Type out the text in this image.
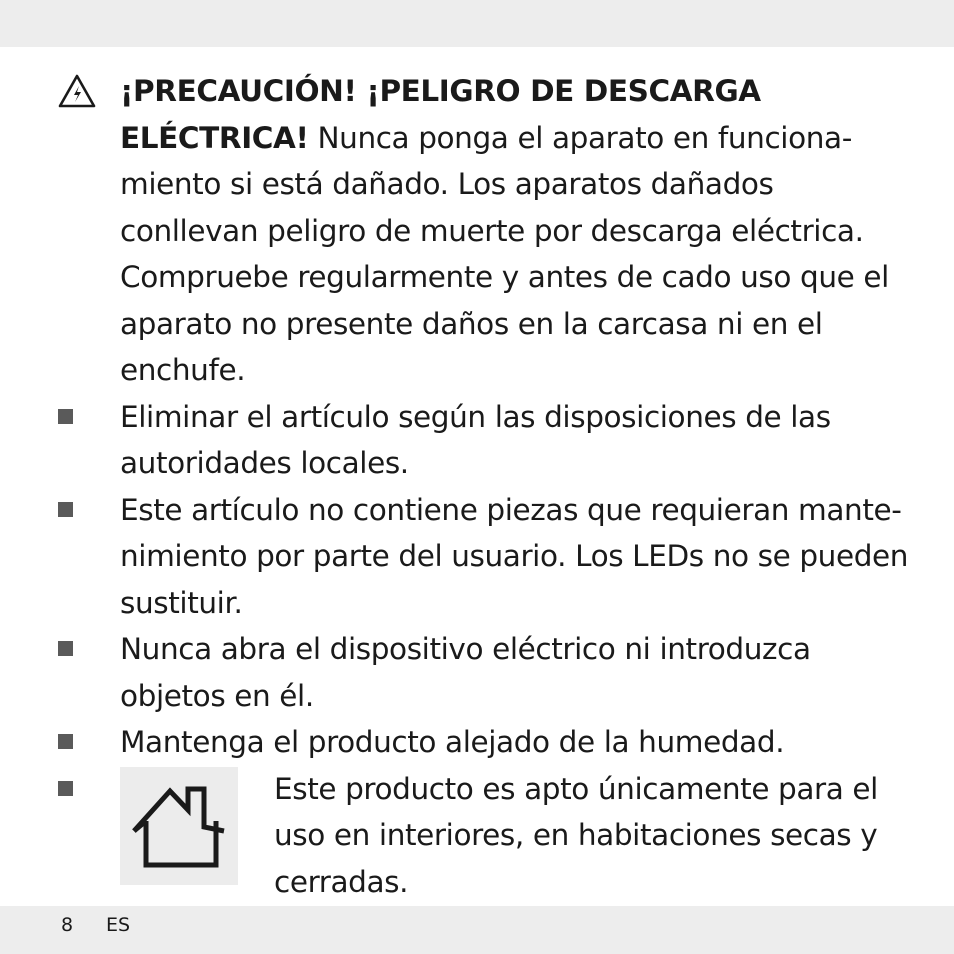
¡PRECAUCIÓN! ¡PELIGRO DE DESCARGA ELÉCTRICA! Nunca ponga el aparato en funciona-miento si está dañado. Los aparatos dañados conllevan peligro de muerte por descarga eléctrica. Compruebe regularmente y antes de cado uso que el aparato no presente daños en la carcasa ni en el enchufe.

Eliminar el artículo según las disposiciones de las autoridades locales.

Este artículo no contiene piezas que requieran mante-nimiento por parte del usuario. Los LEDs no se pueden sustituir.

Nunca abra el dispositivo eléctrico ni introduzca objetos en él.

Mantenga el producto alejado de la humedad.

Este producto es apto únicamente para el uso en interiores, en habitaciones secas y cerradas.
8 ES
